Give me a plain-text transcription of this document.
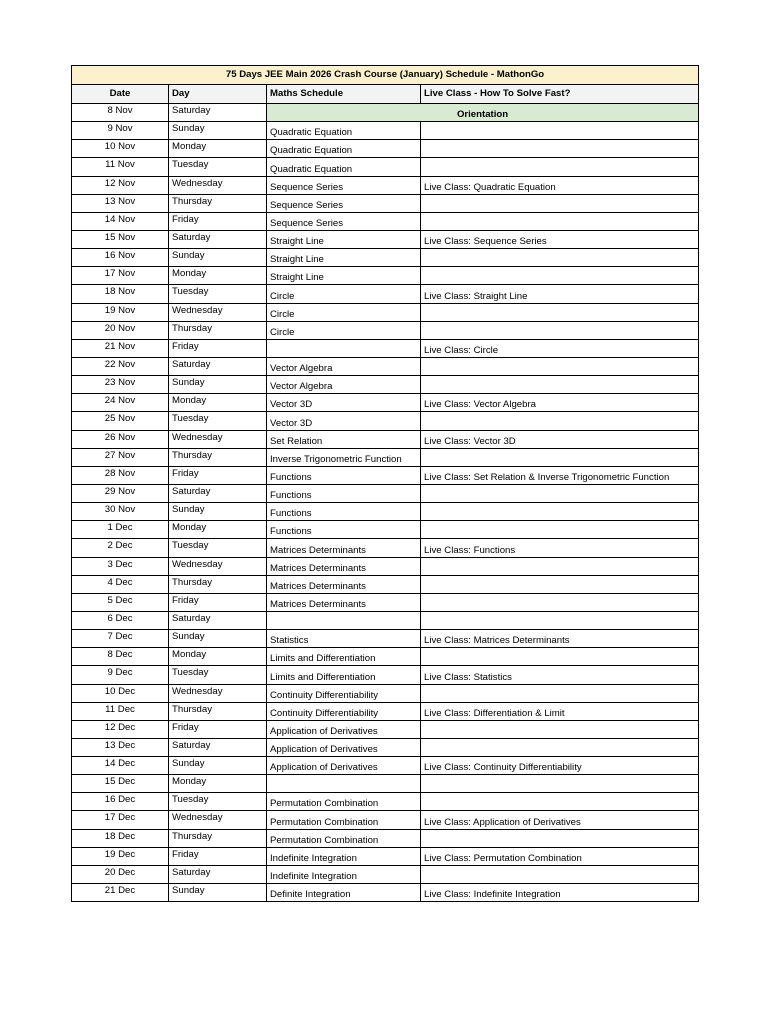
75 Days JEE Main 2026 Crash Course (January) Schedule - MathonGo			
Date	Day	Maths Schedule	Live Class - How To Solve Fast?
8 Nov	Saturday	Orientation	
9 Nov	Sunday	Quadratic Equation	
10 Nov	Monday	Quadratic Equation	
11 Nov	Tuesday	Quadratic Equation	
12 Nov	Wednesday	Sequence Series	Live Class: Quadratic Equation
13 Nov	Thursday	Sequence Series	
14 Nov	Friday	Sequence Series	
15 Nov	Saturday	Straight Line	Live Class: Sequence Series
16 Nov	Sunday	Straight Line	
17 Nov	Monday	Straight Line	
18 Nov	Tuesday	Circle	Live Class: Straight Line
19 Nov	Wednesday	Circle	
20 Nov	Thursday	Circle	
21 Nov	Friday		Live Class: Circle
22 Nov	Saturday	Vector Algebra	
23 Nov	Sunday	Vector Algebra	
24 Nov	Monday	Vector 3D	Live Class: Vector Algebra
25 Nov	Tuesday	Vector 3D	
26 Nov	Wednesday	Set Relation	Live Class: Vector 3D
27 Nov	Thursday	Inverse Trigonometric Function	
28 Nov	Friday	Functions	Live Class: Set Relation & Inverse Trigonometric Function
29 Nov	Saturday	Functions	
30 Nov	Sunday	Functions	
1 Dec	Monday	Functions	
2 Dec	Tuesday	Matrices Determinants	Live Class: Functions
3 Dec	Wednesday	Matrices Determinants	
4 Dec	Thursday	Matrices Determinants	
5 Dec	Friday	Matrices Determinants	
6 Dec	Saturday		
7 Dec	Sunday	Statistics	Live Class: Matrices Determinants
8 Dec	Monday	Limits and Differentiation	
9 Dec	Tuesday	Limits and Differentiation	Live Class: Statistics
10 Dec	Wednesday	Continuity Differentiability	
11 Dec	Thursday	Continuity Differentiability	Live Class: Differentiation & Limit
12 Dec	Friday	Application of Derivatives	
13 Dec	Saturday	Application of Derivatives	
14 Dec	Sunday	Application of Derivatives	Live Class: Continuity Differentiability
15 Dec	Monday		
16 Dec	Tuesday	Permutation Combination	
17 Dec	Wednesday	Permutation Combination	Live Class: Application of Derivatives
18 Dec	Thursday	Permutation Combination	
19 Dec	Friday	Indefinite Integration	Live Class: Permutation Combination
20 Dec	Saturday	Indefinite Integration	
21 Dec	Sunday	Definite Integration	Live Class: Indefinite Integration
